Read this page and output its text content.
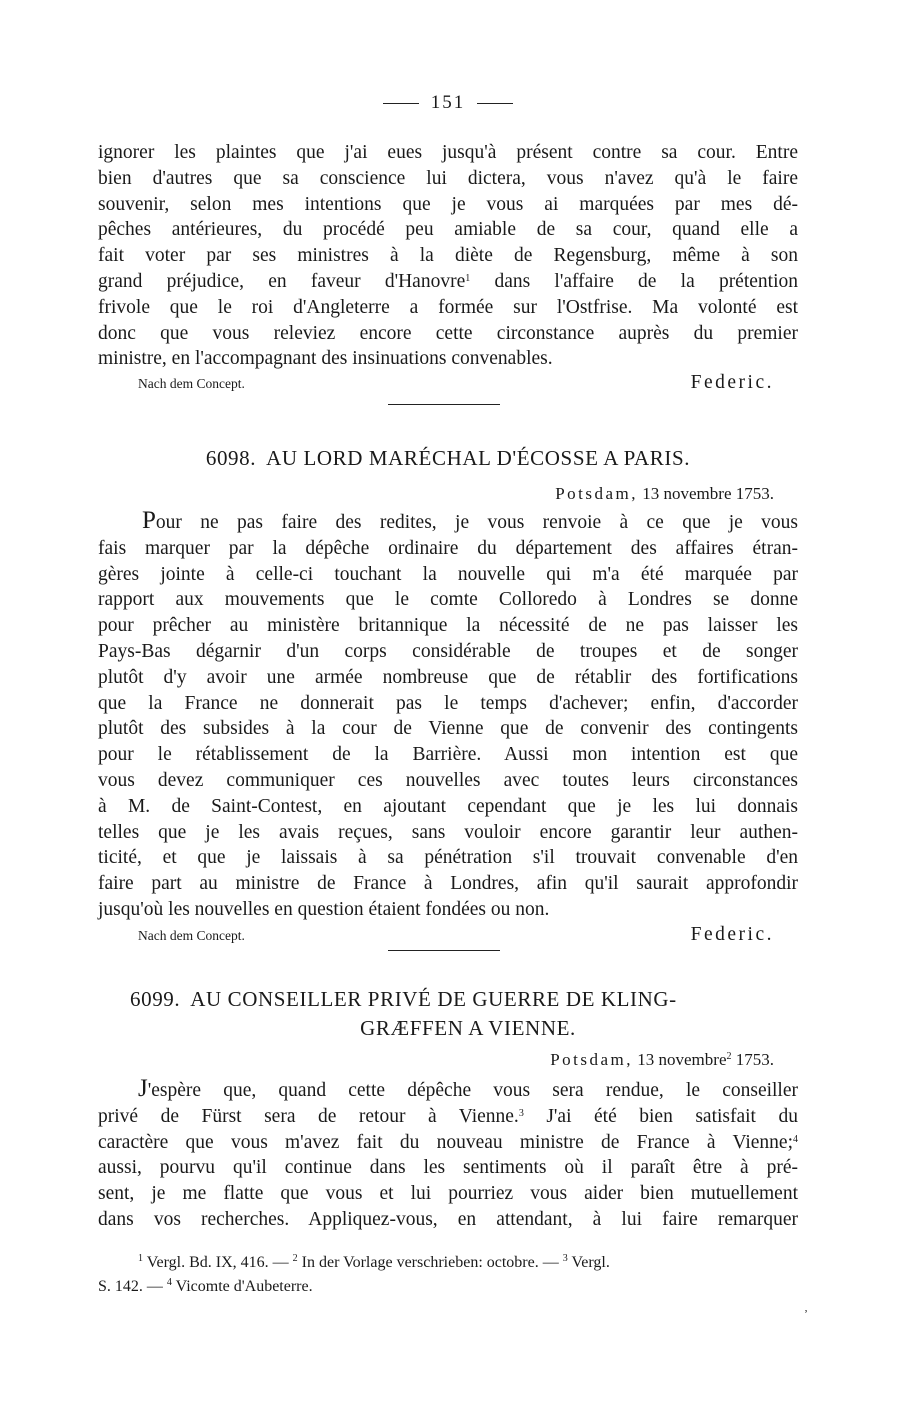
151
ignorer les plaintes que j'ai eues jusqu'à présent contre sa cour. Entre
bien d'autres que sa conscience lui dictera, vous n'avez qu'à le faire
souvenir, selon mes intentions que je vous ai marquées par mes dé-
pêches antérieures, du procédé peu amiable de sa cour, quand elle a
fait voter par ses ministres à la diète de Regensburg, même à son
grand préjudice, en faveur d'Hanovre$^1$ dans l'affaire de la prétention
frivole que le roi d'Angleterre a formée sur l'Ostfrise. Ma volonté est
donc que vous releviez encore cette circonstance auprès du premier
ministre, en l'accompagnant des insinuations convenables.
Nach dem Concept.	Federic.
6098. AU LORD MARÉCHAL D'ÉCOSSE A PARIS.
Potsdam, 13 novembre 1753.
Pour ne pas faire des redites, je vous renvoie à ce que je vous
fais marquer par la dépêche ordinaire du département des affaires étran-
gères jointe à celle-ci touchant la nouvelle qui m'a été marquée par
rapport aux mouvements que le comte Colloredo à Londres se donne
pour prêcher au ministère britannique la nécessité de ne pas laisser les
Pays-Bas dégarnir d'un corps considérable de troupes et de songer
plutôt d'y avoir une armée nombreuse que de rétablir des fortifications
que la France ne donnerait pas le temps d'achever; enfin, d'accorder
plutôt des subsides à la cour de Vienne que de convenir des contingents
pour le rétablissement de la Barrière. Aussi mon intention est que
vous devez communiquer ces nouvelles avec toutes leurs circonstances
à M. de Saint-Contest, en ajoutant cependant que je les lui donnais
telles que je les avais reçues, sans vouloir encore garantir leur authen-
ticité, et que je laissais à sa pénétration s'il trouvait convenable d'en
faire part au ministre de France à Londres, afin qu'il saurait approfondir
jusqu'où les nouvelles en question étaient fondées ou non.
Nach dem Concept.	Federic.
6099. AU CONSEILLER PRIVÉ DE GUERRE DE KLING-
GRÆFFEN A VIENNE.
Potsdam, 13 novembre$^2$ 1753.
J'espère que, quand cette dépêche vous sera rendue, le conseiller
privé de Fürst sera de retour à Vienne.$^3$ J'ai été bien satisfait du
caractère que vous m'avez fait du nouveau ministre de France à Vienne;$^4$
aussi, pourvu qu'il continue dans les sentiments où il paraît être à pré-
sent, je me flatte que vous et lui pourriez vous aider bien mutuellement
dans vos recherches. Appliquez-vous, en attendant, à lui faire remarquer
$^1$ Vergl. Bd. IX, 416. — $^2$ In der Vorlage verschrieben: octobre. — $^3$ Vergl.
S. 142. — $^4$ Vicomte d'Aubeterre.
‚
